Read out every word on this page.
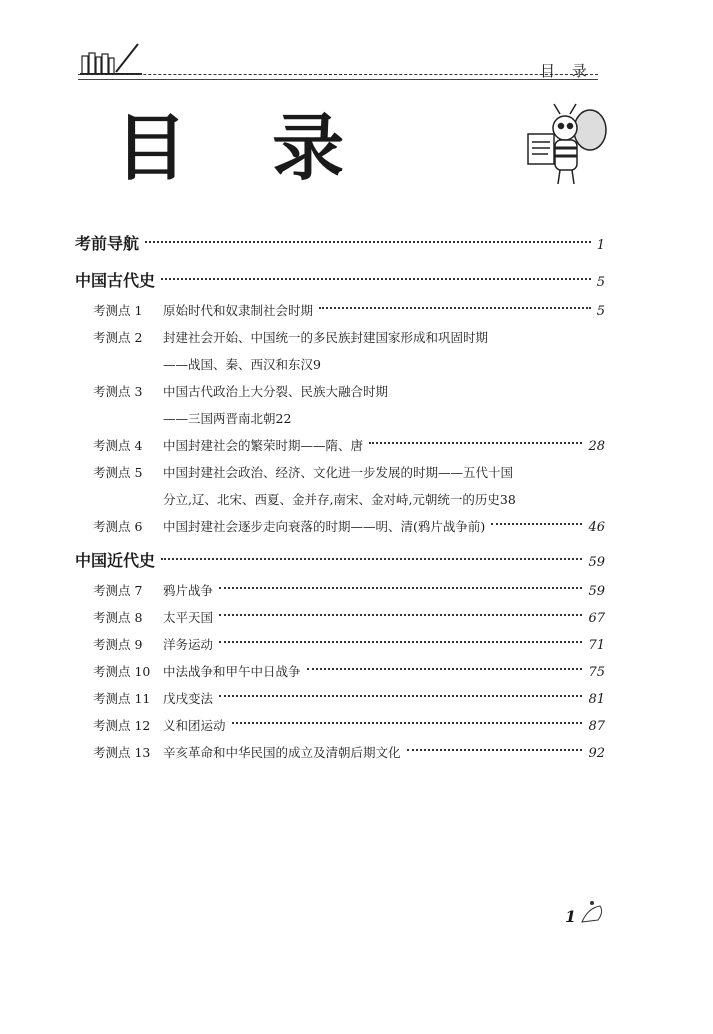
目 录
目 录
考前导航	1
中国古代史	5
考测点 1	原始时代和奴隶制社会时期	5
考测点 2	封建社会开始、中国统一的多民族封建国家形成和巩固时期
——战国、秦、西汉和东汉 9
考测点 3	中国古代政治上大分裂、民族大融合时期
——三国两晋南北朝 22
考测点 4	中国封建社会的繁荣时期——隋、唐	28
考测点 5	中国封建社会政治、经济、文化进一步发展的时期——五代十国
分立,辽、北宋、西夏、金并存,南宋、金对峙,元朝统一的历史 38
考测点 6	中国封建社会逐步走向衰落的时期——明、清(鸦片战争前)	46
中国近代史	59
考测点 7	鸦片战争	59
考测点 8	太平天国	67
考测点 9	洋务运动	71
考测点 10	中法战争和甲午中日战争	75
考测点 11	戊戌变法	81
考测点 12	义和团运动	87
考测点 13	辛亥革命和中华民国的成立及清朝后期文化	92
1
